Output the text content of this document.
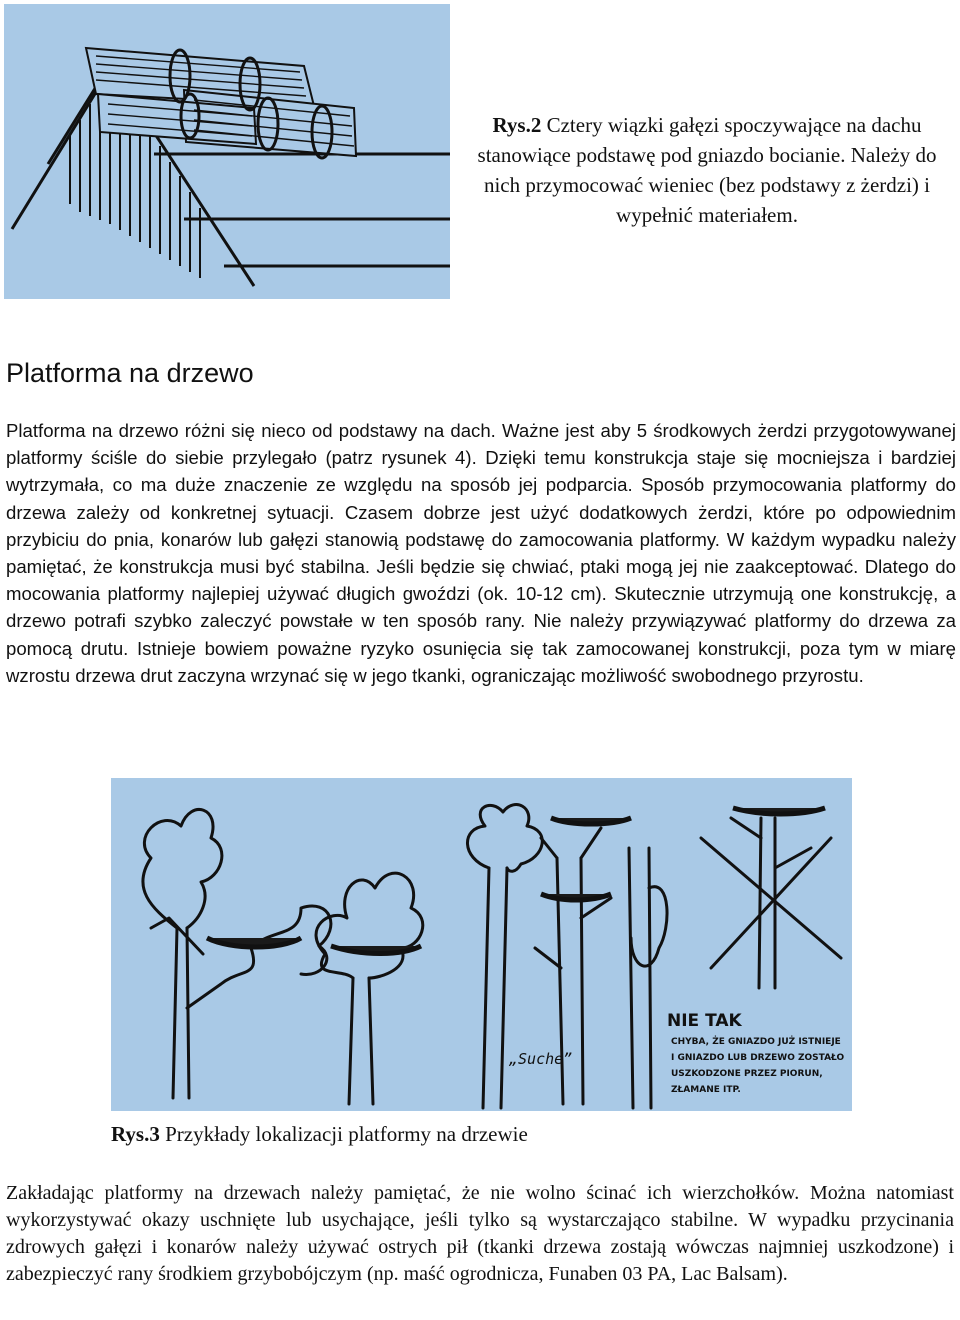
Rys.2 Cztery wiązki gałęzi spoczywające na dachu stanowiące podstawę pod gniazdo bocianie. Należy do nich przymocować wieniec (bez podstawy z żerdzi) i wypełnić materiałem.
Platforma na drzewo

Platforma na drzewo różni się nieco od podstawy na dach. Ważne jest aby 5 środkowych żerdzi przygotowywanej platformy ściśle do siebie przylegało (patrz rysunek 4). Dzięki temu konstrukcja staje się mocniejsza i bardziej wytrzymała, co ma duże znaczenie ze względu na sposób jej podparcia. Sposób przymocowania platformy do drzewa zależy od konkretnej sytuacji. Czasem dobrze jest użyć dodatkowych żerdzi, które po odpowiednim przybiciu do pnia, konarów lub gałęzi stanowią podstawę do zamocowania platformy. W każdym wypadku należy pamiętać, że konstrukcja musi być stabilna. Jeśli będzie się chwiać, ptaki mogą jej nie zaakceptować. Dlatego do mocowania platformy najlepiej używać długich gwoździ (ok. 10-12 cm). Skutecznie utrzymują one konstrukcję, a drzewo potrafi szybko zaleczyć powstałe w ten sposób rany. Nie należy przywiązywać platformy do drzewa za pomocą drutu. Istnieje bowiem poważne ryzyko osunięcia się tak zamocowanej konstrukcji, poza tym w miarę wzrostu drzewa drut zaczyna wrzynać się w jego tkanki, ograniczając możliwość swobodnego przyrostu.

„Suche”
NIE TAK
CHYBA, ŻE GNIAZDO JUŻ ISTNIEJE
I GNIAZDO LUB DRZEWO ZOSTAŁO
USZKODZONE PRZEZ PIORUN,
ZŁAMANE ITP.
Rys.3 Przykłady lokalizacji platformy na drzewie

Zakładając platformy na drzewach należy pamiętać, że nie wolno ścinać ich wierzchołków. Można natomiast wykorzystywać okazy uschnięte lub usychające, jeśli tylko są wystarczająco stabilne. W wypadku przycinania zdrowych gałęzi i konarów należy używać ostrych pił (tkanki drzewa zostają wówczas najmniej uszkodzone) i zabezpieczyć rany środkiem grzybobójczym (np. maść ogrodnicza, Funaben 03 PA, Lac Balsam).
